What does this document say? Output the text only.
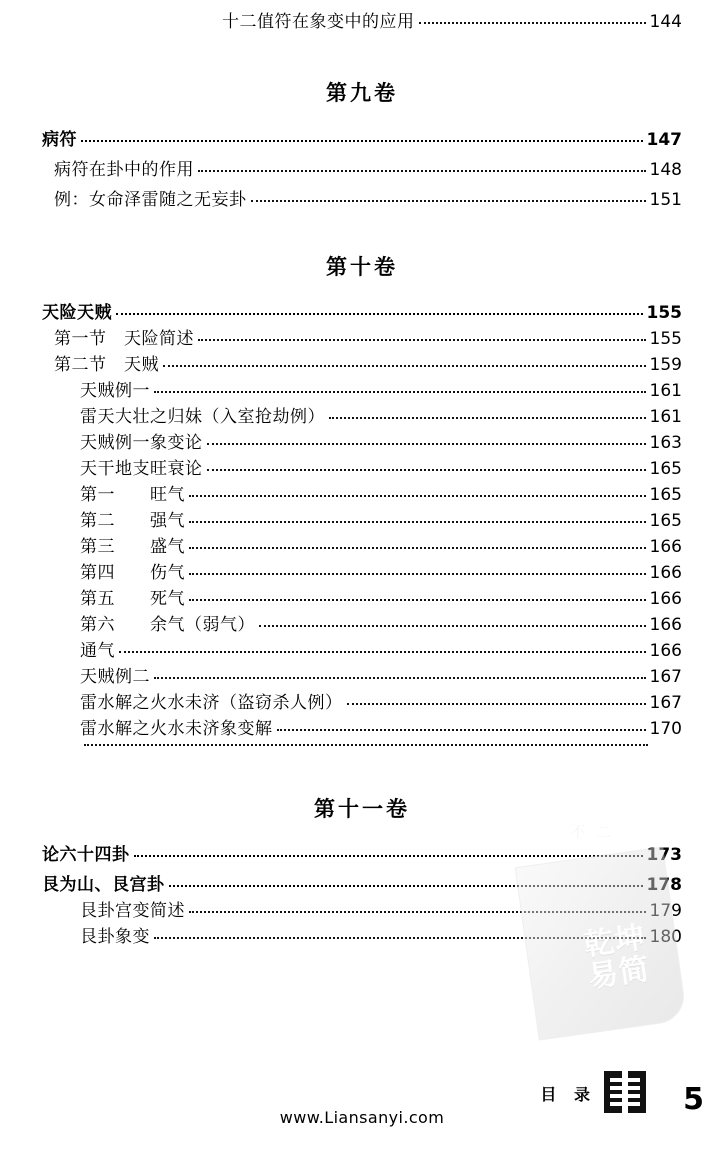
十二值符在象变中的应用	144
第九卷
病符	147
病符在卦中的作用	148
例：女命泽雷随之无妄卦	151
第十卷
天险天贼	155
第一节　天险简述	155
第二节　天贼	159
天贼例一	161
雷天大壮之归妹（入室抢劫例）	161
天贼例一象变论	163
天干地支旺衰论	165
第一　　旺气	165
第二　　强气	165
第三　　盛气	166
第四　　伤气	166
第五　　死气	166
第六　　余气（弱气）	166
通气	166
天贼例二	167
雷水解之火水未济（盗窃杀人例）	167
雷水解之火水未济象变解	170
第十一卷
论六十四卦	173
艮为山、艮宫卦	178
艮卦宫变简述	179
艮卦象变	180
不 二
乾坤
易简
目 录	5
www.Liansanyi.com
